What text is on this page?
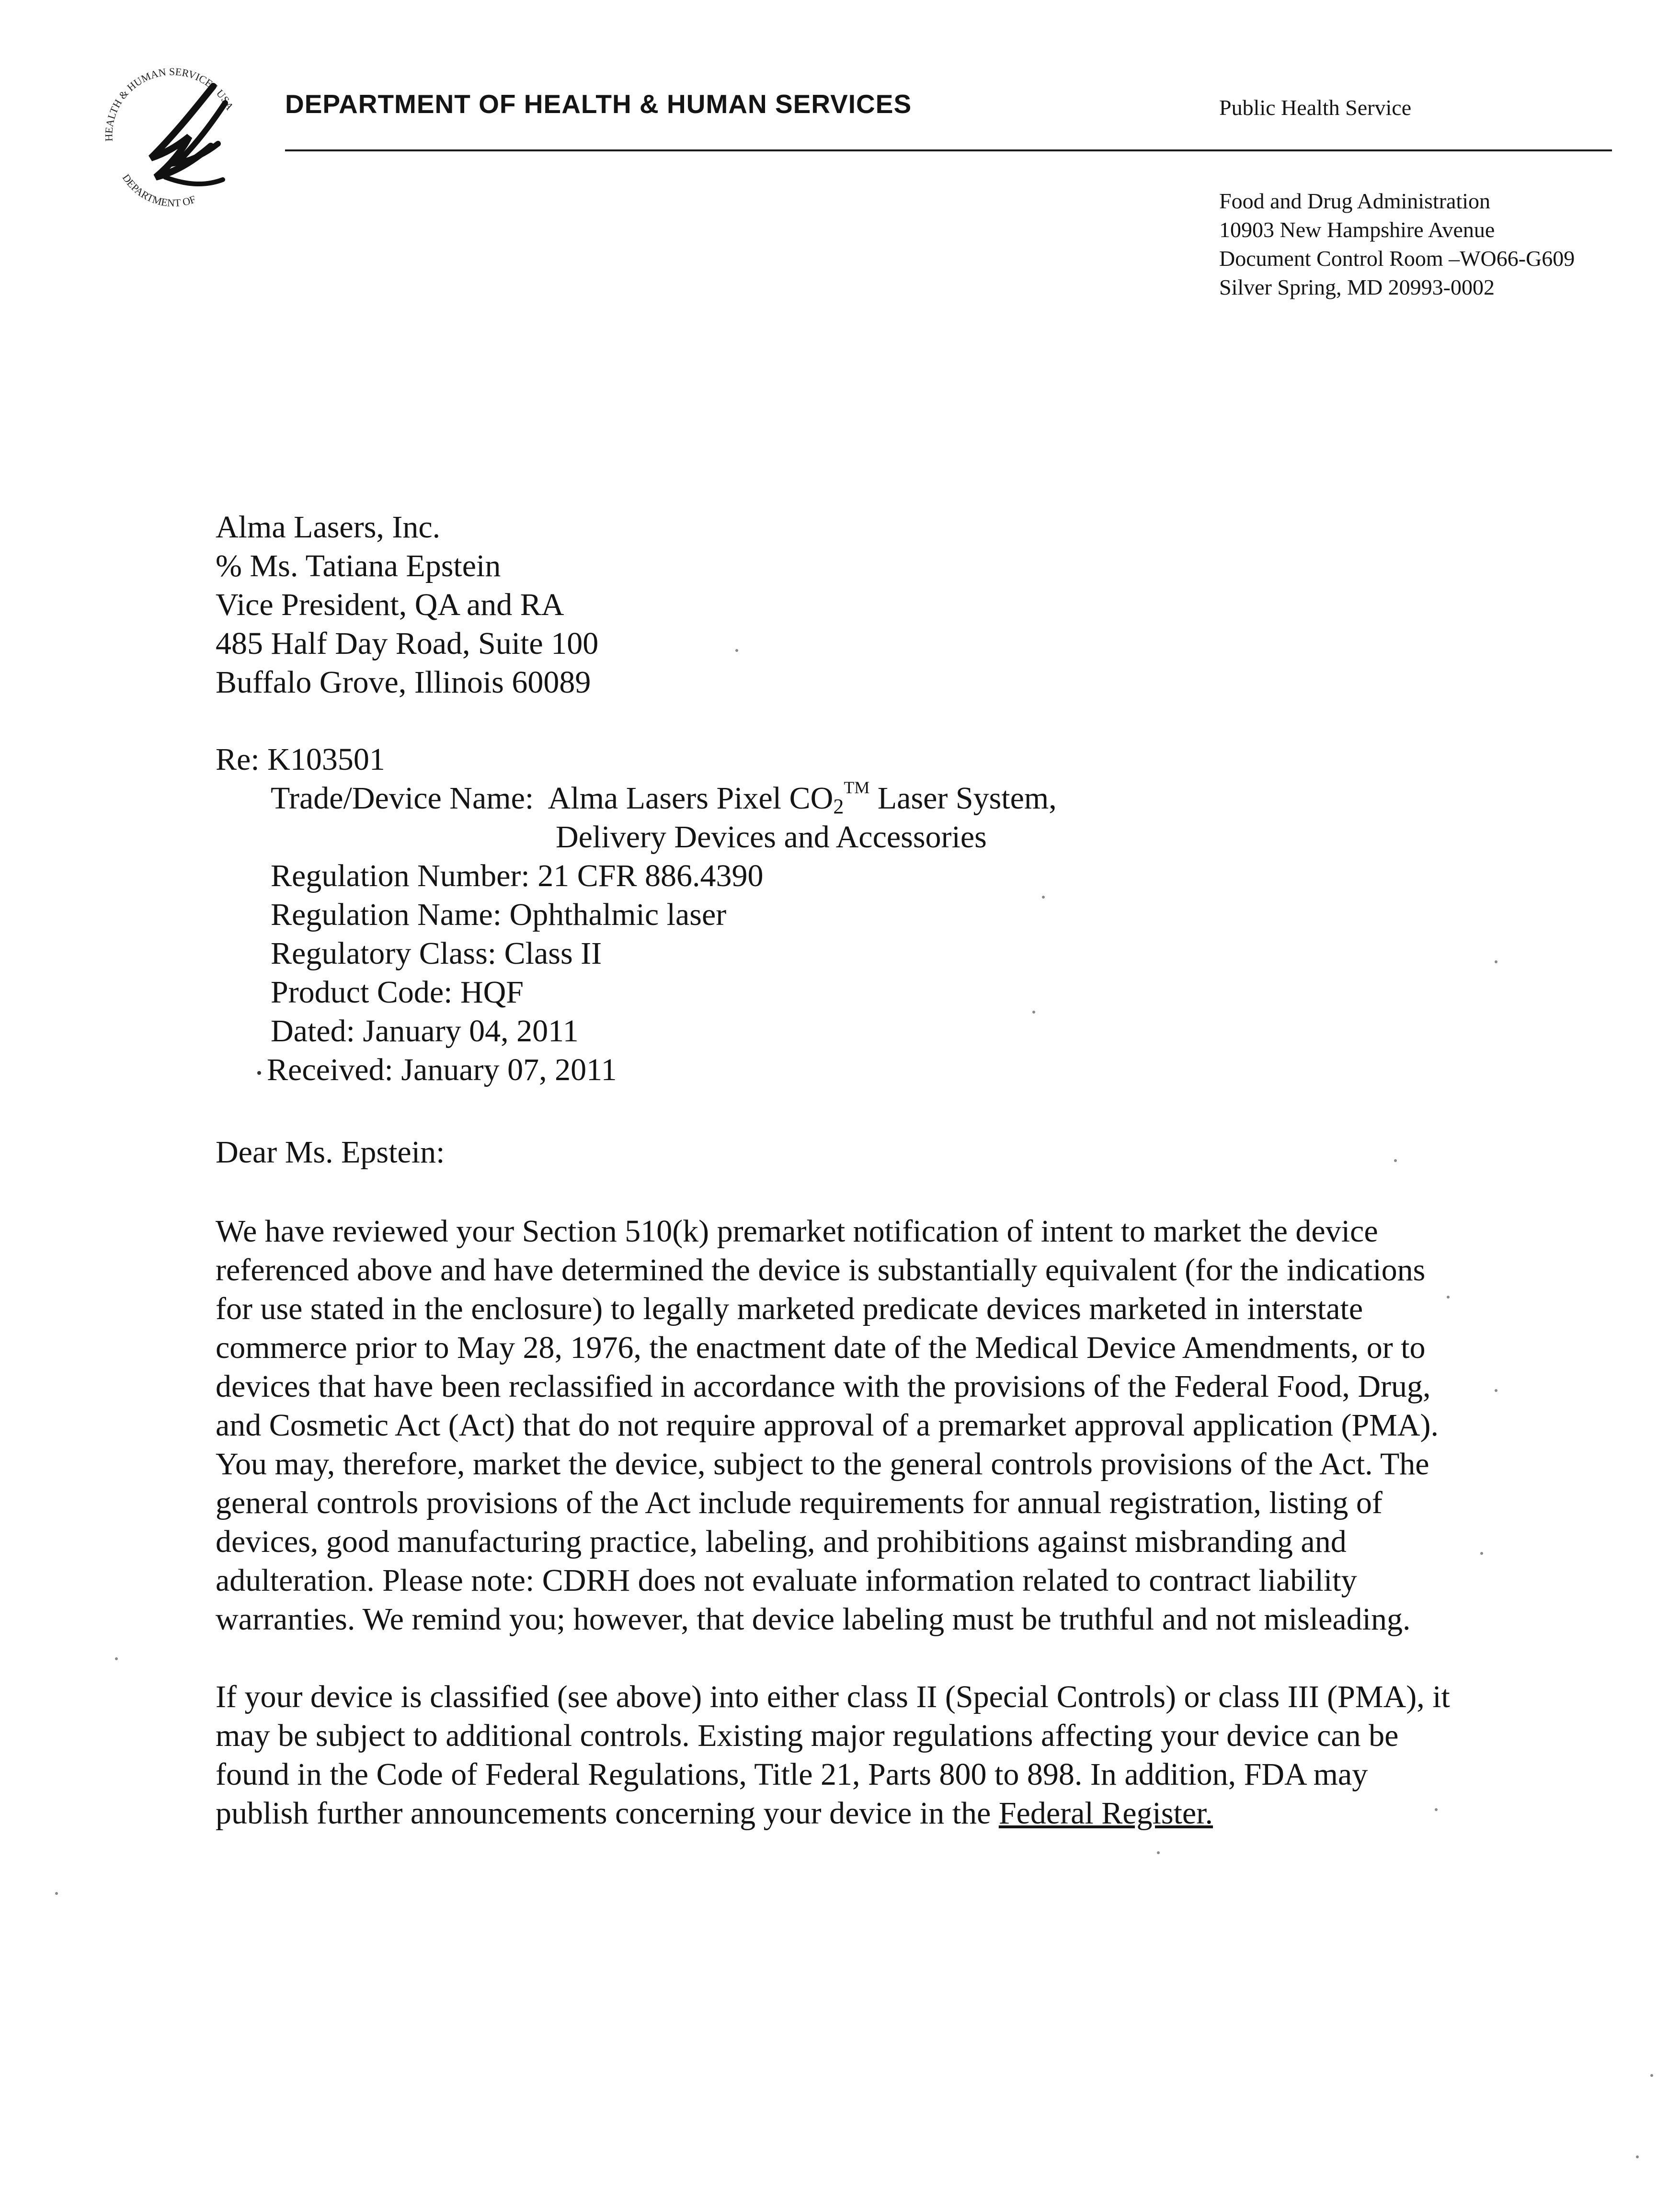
HEALTH & HUMAN SERVICES USA
DEPARTMENT OF
DEPARTMENT OF HEALTH & HUMAN SERVICES	Public Health Service
Food and Drug Administration
10903 New Hampshire Avenue
Document Control Room –WO66-G609
Silver Spring, MD 20993-0002
Alma Lasers, Inc.
% Ms. Tatiana Epstein
Vice President, QA and RA
485 Half Day Road, Suite 100
Buffalo Grove, Illinois 60089
Re: K103501
Trade/Device Name: Alma Lasers Pixel $CO_2™$ Laser System,
Delivery Devices and Accessories
Regulation Number: 21 CFR 886.4390
Regulation Name: Ophthalmic laser
Regulatory Class: Class II
Product Code: HQF
Dated: January 04, 2011
Received: January 07, 2011
Dear Ms. Epstein:
We have reviewed your Section 510(k) premarket notification of intent to market the device
referenced above and have determined the device is substantially equivalent (for the indications
for use stated in the enclosure) to legally marketed predicate devices marketed in interstate
commerce prior to May 28, 1976, the enactment date of the Medical Device Amendments, or to
devices that have been reclassified in accordance with the provisions of the Federal Food, Drug,
and Cosmetic Act (Act) that do not require approval of a premarket approval application (PMA).
You may, therefore, market the device, subject to the general controls provisions of the Act. The
general controls provisions of the Act include requirements for annual registration, listing of
devices, good manufacturing practice, labeling, and prohibitions against misbranding and
adulteration. Please note: CDRH does not evaluate information related to contract liability
warranties. We remind you; however, that device labeling must be truthful and not misleading.
If your device is classified (see above) into either class II (Special Controls) or class III (PMA), it
may be subject to additional controls. Existing major regulations affecting your device can be
found in the Code of Federal Regulations, Title 21, Parts 800 to 898. In addition, FDA may
publish further announcements concerning your device in the Federal Register.
